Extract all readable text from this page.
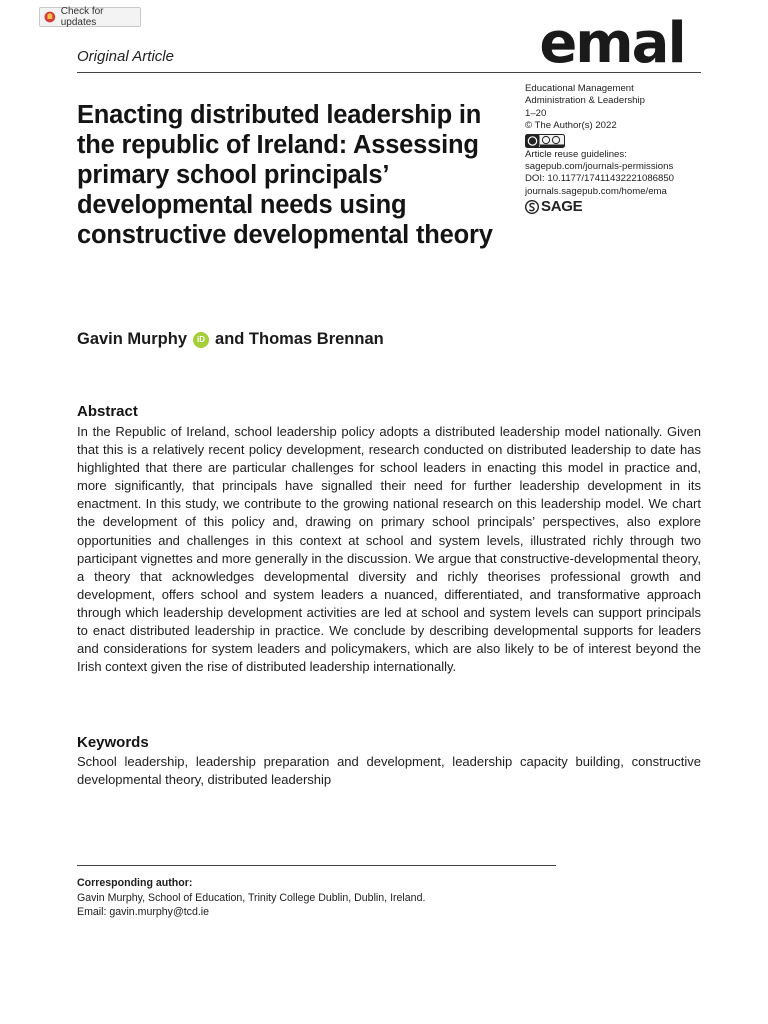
Check for updates	emal
Original Article
Educational Management
Administration & Leadership
1–20
© The Author(s) 2022
Article reuse guidelines:
sagepub.com/journals-permissions
DOI: 10.1177/17411432221086850
journals.sagepub.com/home/ema
SAGE
Enacting distributed leadership in the republic of Ireland: Assessing primary school principals’ developmental needs using constructive developmental theory
Gavin Murphy	iD and Thomas Brennan
Abstract

In the Republic of Ireland, school leadership policy adopts a distributed leadership model nationally. Given that this is a relatively recent policy development, research conducted on distributed leadership to date has highlighted that there are particular challenges for school leaders in enacting this model in practice and, more significantly, that principals have signalled their need for further leadership development in its enactment. In this study, we contribute to the growing national research on this leadership model. We chart the development of this policy and, drawing on primary school principals’ perspectives, also explore opportunities and challenges in this context at school and system levels, illustrated richly through two participant vignettes and more generally in the discussion. We argue that constructive-developmental theory, a theory that acknowledges developmental diversity and richly theorises professional growth and development, offers school and system leaders a nuanced, differentiated, and transformative approach through which leadership development activities are led at school and system levels can support principals to enact distributed leadership in practice. We conclude by describing developmental supports for leaders and considerations for system leaders and policymakers, which are also likely to be of interest beyond the Irish context given the rise of distributed leadership internationally.

Keywords

School leadership, leadership preparation and development, leadership capacity building, constructive developmental theory, distributed leadership

Corresponding author:
Gavin Murphy, School of Education, Trinity College Dublin, Dublin, Ireland.
Email: gavin.murphy@tcd.ie
